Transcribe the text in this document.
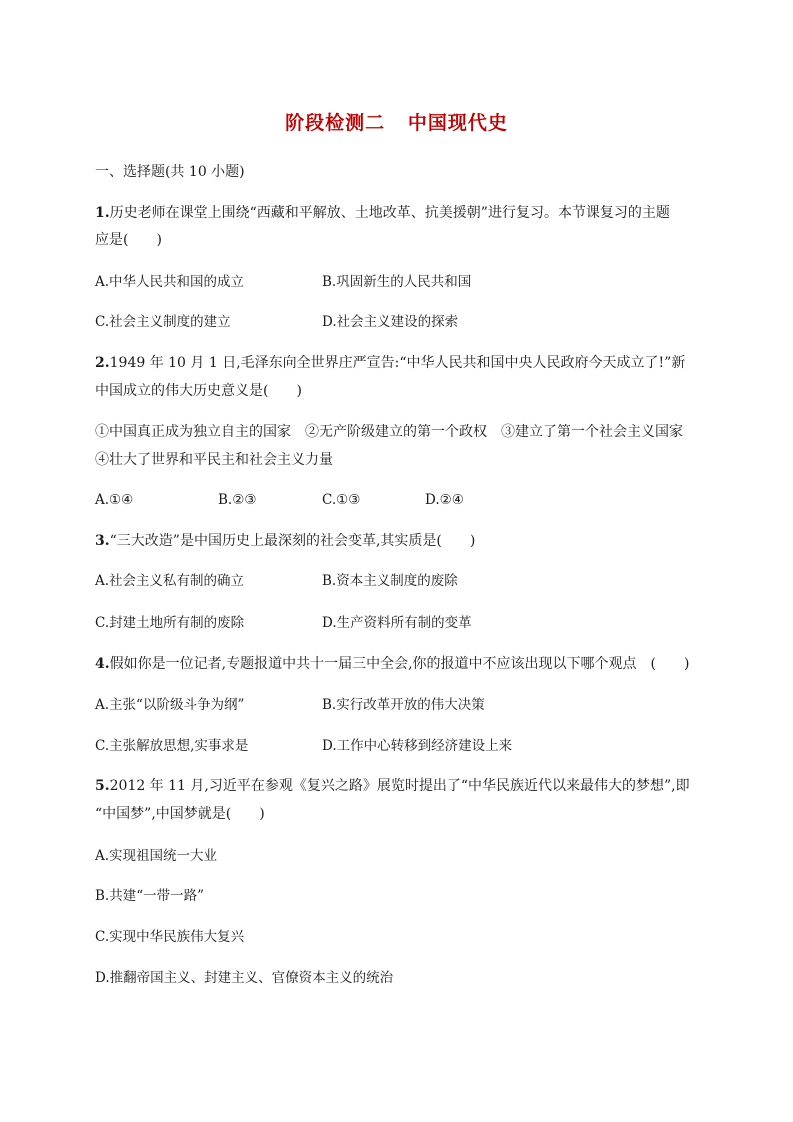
阶段检测二   中国现代史
一、选择题(共 10 小题)
1.历史老师在课堂上围绕“西藏和平解放、土地改革、抗美援朝”进行复习。本节课复习的主题
应是(　　)
A.中华人民共和国的成立	B.巩固新生的人民共和国
C.社会主义制度的建立	D.社会主义建设的探索
2.1949 年 10 月 1 日,毛泽东向全世界庄严宣告:“中华人民共和国中央人民政府今天成立了!”新
中国成立的伟大历史意义是(　　)
①中国真正成为独立自主的国家　②无产阶级建立的第一个政权　③建立了第一个社会主义国家
④壮大了世界和平民主和社会主义力量
A.①④	B.②③	C.①③	D.②④
3.“三大改造”是中国历史上最深刻的社会变革,其实质是(　　)
A.社会主义私有制的确立	B.资本主义制度的废除
C.封建土地所有制的废除	D.生产资料所有制的变革
4.假如你是一位记者,专题报道中共十一届三中全会,你的报道中不应该出现以下哪个观点　(　　)
A.主张“以阶级斗争为纲”	B.实行改革开放的伟大决策
C.主张解放思想,实事求是	D.工作中心转移到经济建设上来
5.2012 年 11 月,习近平在参观《复兴之路》展览时提出了“中华民族近代以来最伟大的梦想”,即
“中国梦”,中国梦就是(　　)
A.实现祖国统一大业
B.共建“一带一路”
C.实现中华民族伟大复兴
D.推翻帝国主义、封建主义、官僚资本主义的统治
